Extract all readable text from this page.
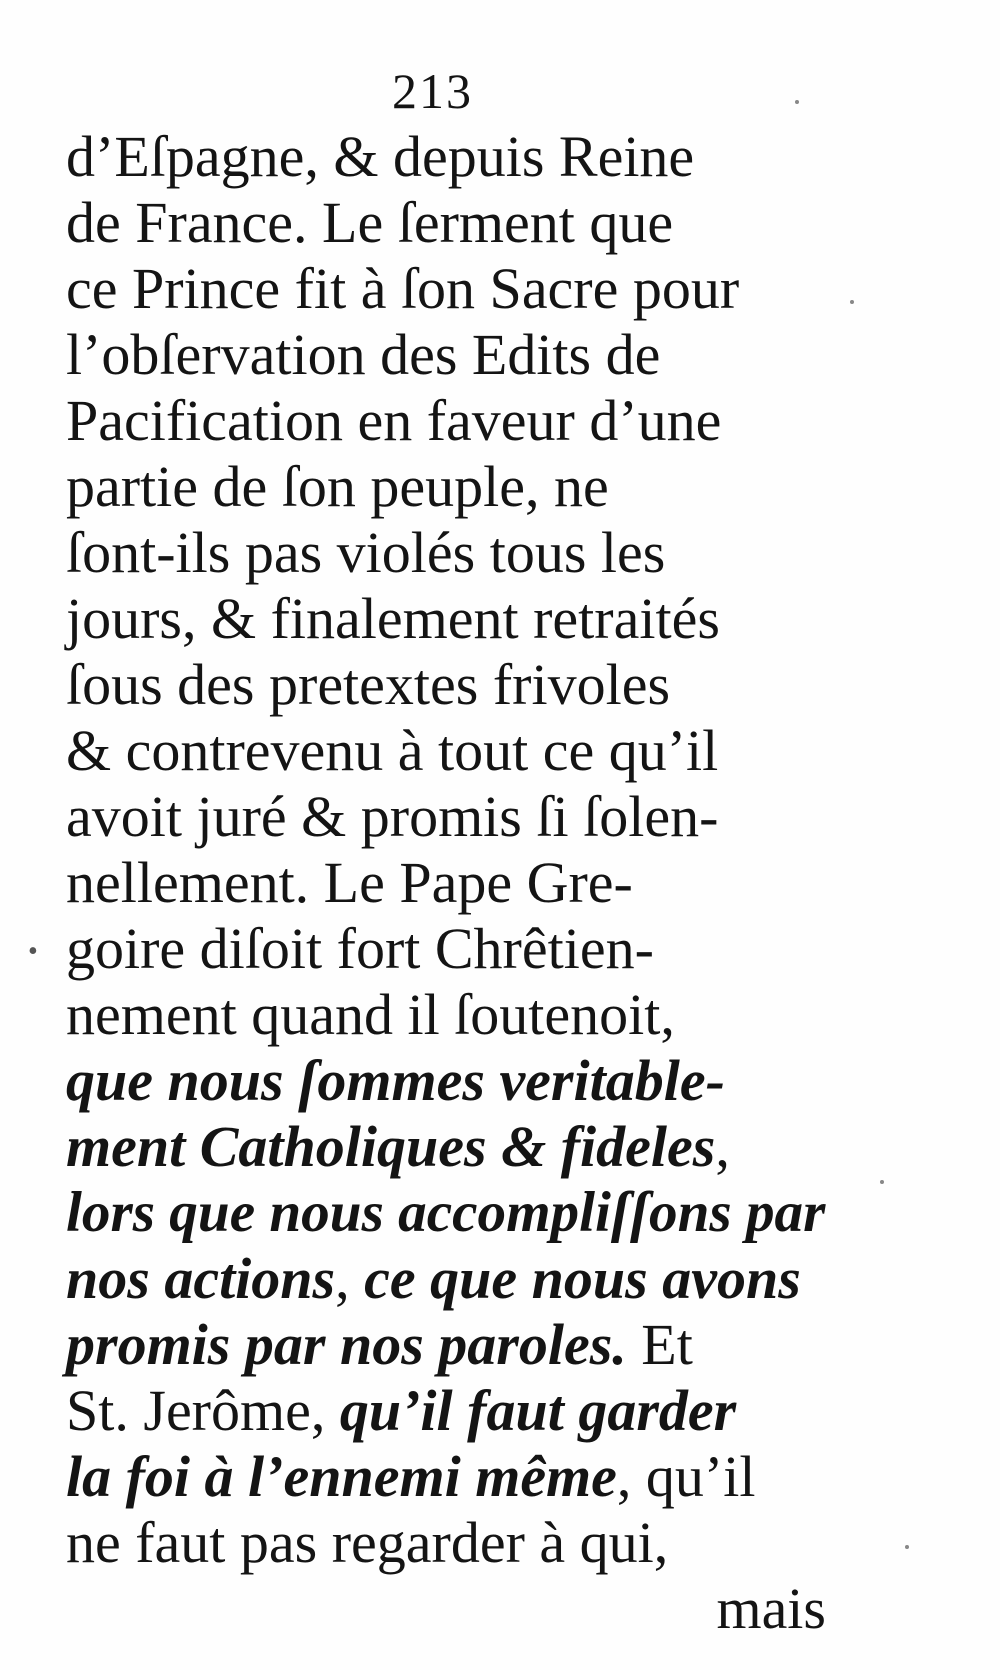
213
•
d’Eſpagne, & depuis Reine
de France. Le ſerment que
ce Prince fit à ſon Sacre pour
l’obſervation des Edits de
Pacification en faveur d’une
partie de ſon peuple, ne
ſont-ils pas violés tous les
jours, & finalement retraités
ſous des pretextes frivoles
& contrevenu à tout ce qu’il
avoit juré & promis ſi ſolen-
nellement. Le Pape Gre-
goire diſoit fort Chrêtien-
nement quand il ſoutenoit,
que nous ſommes veritable-
ment Catholiques & fideles,
lors que nous accompliſſons par
nos actions, ce que nous avons
promis par nos paroles. Et
St. Jerôme, qu’il faut garder
la foi à l’ennemi même, qu’il
ne faut pas regarder à qui,
mais
